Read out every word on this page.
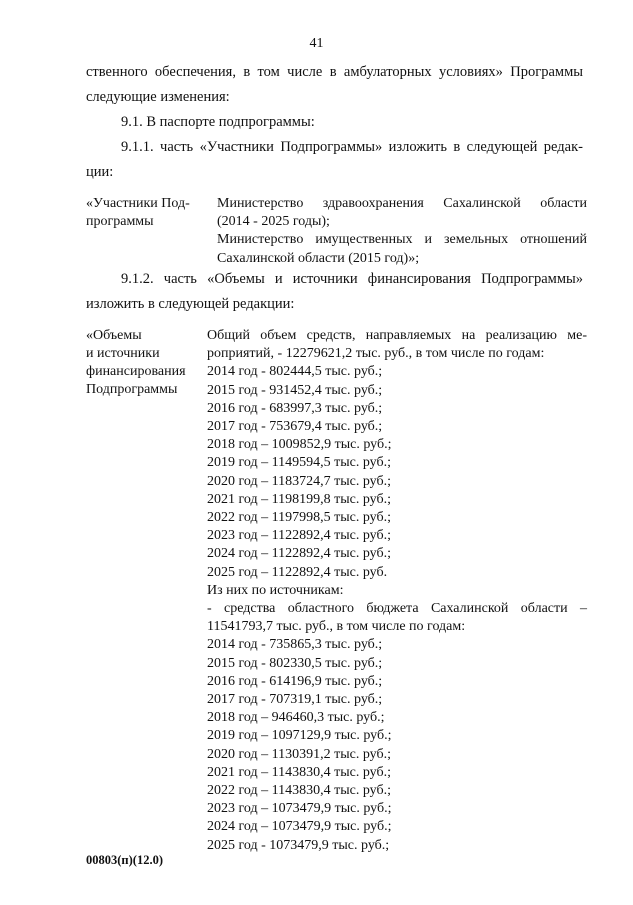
41
ственного обеспечения, в том числе в амбулаторных условиях» Программы
следующие изменения:
9.1. В паспорте подпрограммы:
9.1.1. часть «Участники Подпрограммы» изложить в следующей редак-
ции:
«Участники Под-
программы
Министерство здравоохранения Сахалинской области
(2014 - 2025 годы);
Министерство имущественных и земельных отношений
Сахалинской области (2015 год)»;
9.1.2. часть «Объемы и источники финансирования Подпрограммы»
изложить в следующей редакции:
«Объемы
и источники
финансирования
Подпрограммы
Общий объем средств, направляемых на реализацию ме-
роприятий, - 12279621,2 тыс. руб., в том числе по годам:
2014 год - 802444,5 тыс. руб.;
2015 год - 931452,4 тыс. руб.;
2016 год - 683997,3 тыс. руб.;
2017 год - 753679,4 тыс. руб.;
2018 год – 1009852,9 тыс. руб.;
2019 год – 1149594,5 тыс. руб.;
2020 год – 1183724,7 тыс. руб.;
2021 год – 1198199,8 тыс. руб.;
2022 год – 1197998,5 тыс. руб.;
2023 год – 1122892,4 тыс. руб.;
2024 год – 1122892,4 тыс. руб.;
2025 год – 1122892,4 тыс. руб.
Из них по источникам:
- средства областного бюджета Сахалинской области –
11541793,7 тыс. руб., в том числе по годам:
2014 год - 735865,3 тыс. руб.;
2015 год - 802330,5 тыс. руб.;
2016 год - 614196,9 тыс. руб.;
2017 год - 707319,1 тыс. руб.;
2018 год – 946460,3 тыс. руб.;
2019 год – 1097129,9 тыс. руб.;
2020 год – 1130391,2 тыс. руб.;
2021 год – 1143830,4 тыс. руб.;
2022 год – 1143830,4 тыс. руб.;
2023 год – 1073479,9 тыс. руб.;
2024 год – 1073479,9 тыс. руб.;
2025 год - 1073479,9 тыс. руб.;
00803(п)(12.0)
